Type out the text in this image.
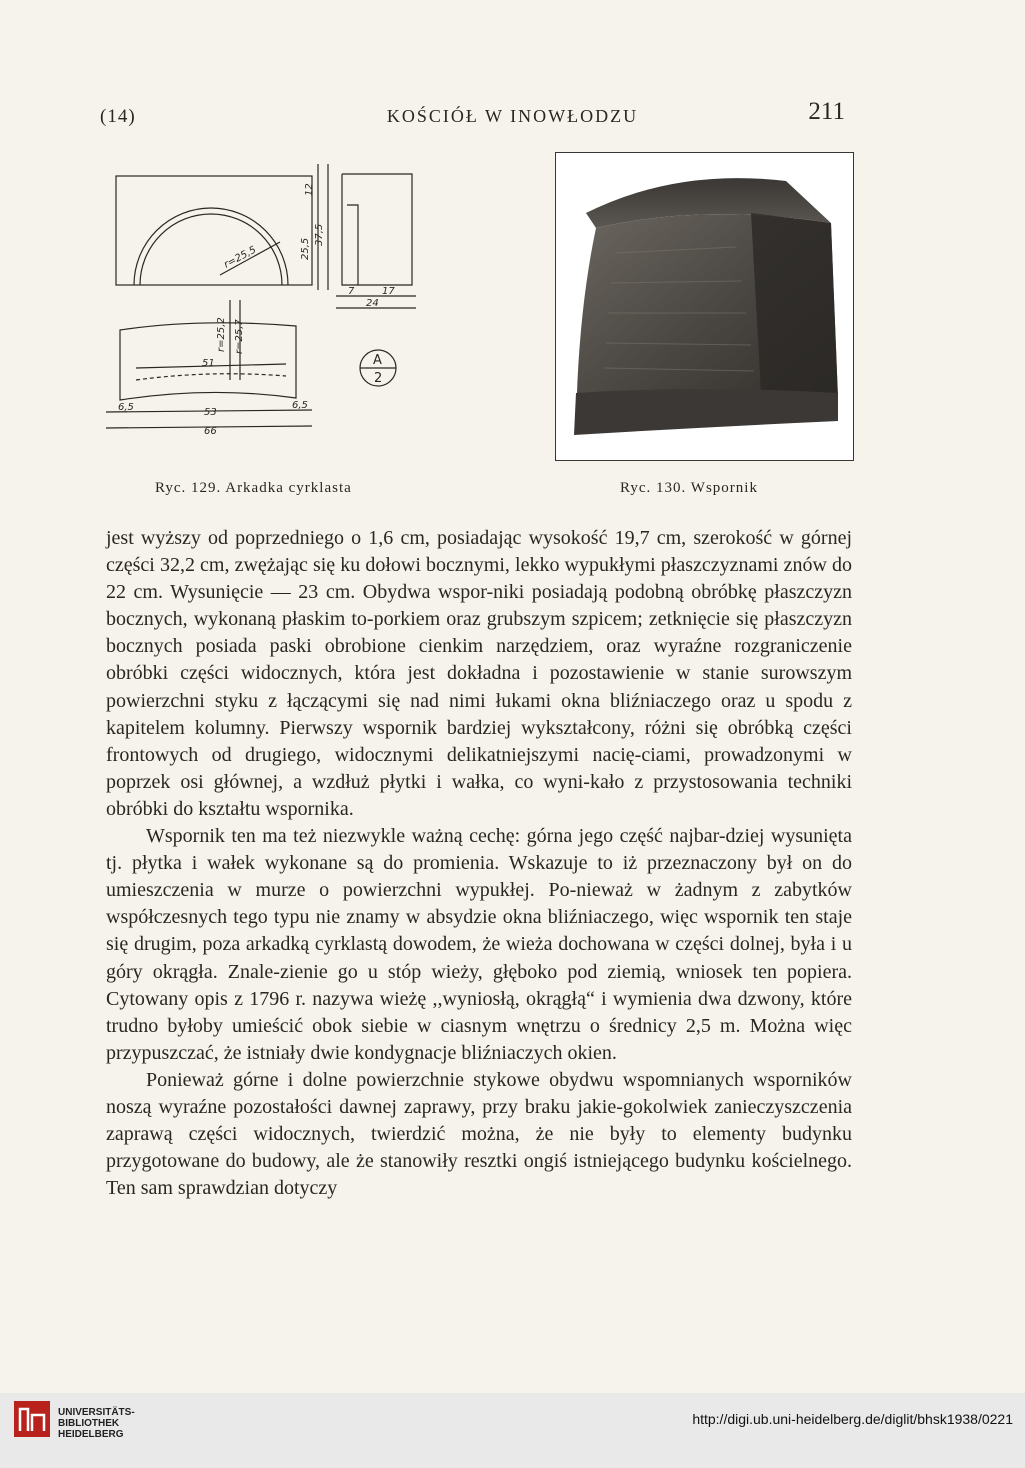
(14)	KOŚCIÓŁ W INOWŁODZU	211
r=25,5
12
25,5
37,5
7	17
24
r=25,2 r=25,7
51
6,5	53
6,5
66
A
2
Ryc. 129. Arkadka cyrklasta	Ryc. 130. Wspornik

jest wyższy od poprzedniego o 1,6 cm, posiadając wysokość 19,7 cm, szerokość w górnej części 32,2 cm, zwężając się ku dołowi bocznymi, lekko wypukłymi płaszczyznami znów do 22 cm. Wysunięcie — 23 cm. Obydwa wspor-niki posiadają podobną obróbkę płaszczyzn bocznych, wykonaną płaskim to-porkiem oraz grubszym szpicem; zetknięcie się płaszczyzn bocznych posiada paski obrobione cienkim narzędziem, oraz wyraźne rozgraniczenie obróbki części widocznych, która jest dokładna i pozostawienie w stanie surowszym powierzchni styku z łączącymi się nad nimi łukami okna bliźniaczego oraz u spodu z kapitelem kolumny. Pierwszy wspornik bardziej wykształcony, różni się obróbką części frontowych od drugiego, widocznymi delikatniejszymi nacię-ciami, prowadzonymi w poprzek osi głównej, a wzdłuż płytki i wałka, co wyni-kało z przystosowania techniki obróbki do kształtu wspornika.

Wspornik ten ma też niezwykle ważną cechę: górna jego część najbar-dziej wysunięta tj. płytka i wałek wykonane są do promienia. Wskazuje to iż przeznaczony był on do umieszczenia w murze o powierzchni wypukłej. Po-nieważ w żadnym z zabytków współczesnych tego typu nie znamy w absydzie okna bliźniaczego, więc wspornik ten staje się drugim, poza arkadką cyrklastą dowodem, że wieża dochowana w części dolnej, była i u góry okrągła. Znale-zienie go u stóp wieży, głęboko pod ziemią, wniosek ten popiera. Cytowany opis z 1796 r. nazywa wieżę ,,wyniosłą, okrągłą“ i wymienia dwa dzwony, które trudno byłoby umieścić obok siebie w ciasnym wnętrzu o średnicy 2,5 m. Można więc przypuszczać, że istniały dwie kondygnacje bliźniaczych okien.

Ponieważ górne i dolne powierzchnie stykowe obydwu wspomnianych wsporników noszą wyraźne pozostałości dawnej zaprawy, przy braku jakie-gokolwiek zanieczyszczenia zaprawą części widocznych, twierdzić można, że nie były to elementy budynku przygotowane do budowy, ale że stanowiły resztki ongiś istniejącego budynku kościelnego. Ten sam sprawdzian dotyczy

UNIVERSITÄTS-
BIBLIOTHEK
HEIDELBERG
http://digi.ub.uni-heidelberg.de/diglit/bhsk1938/0221
